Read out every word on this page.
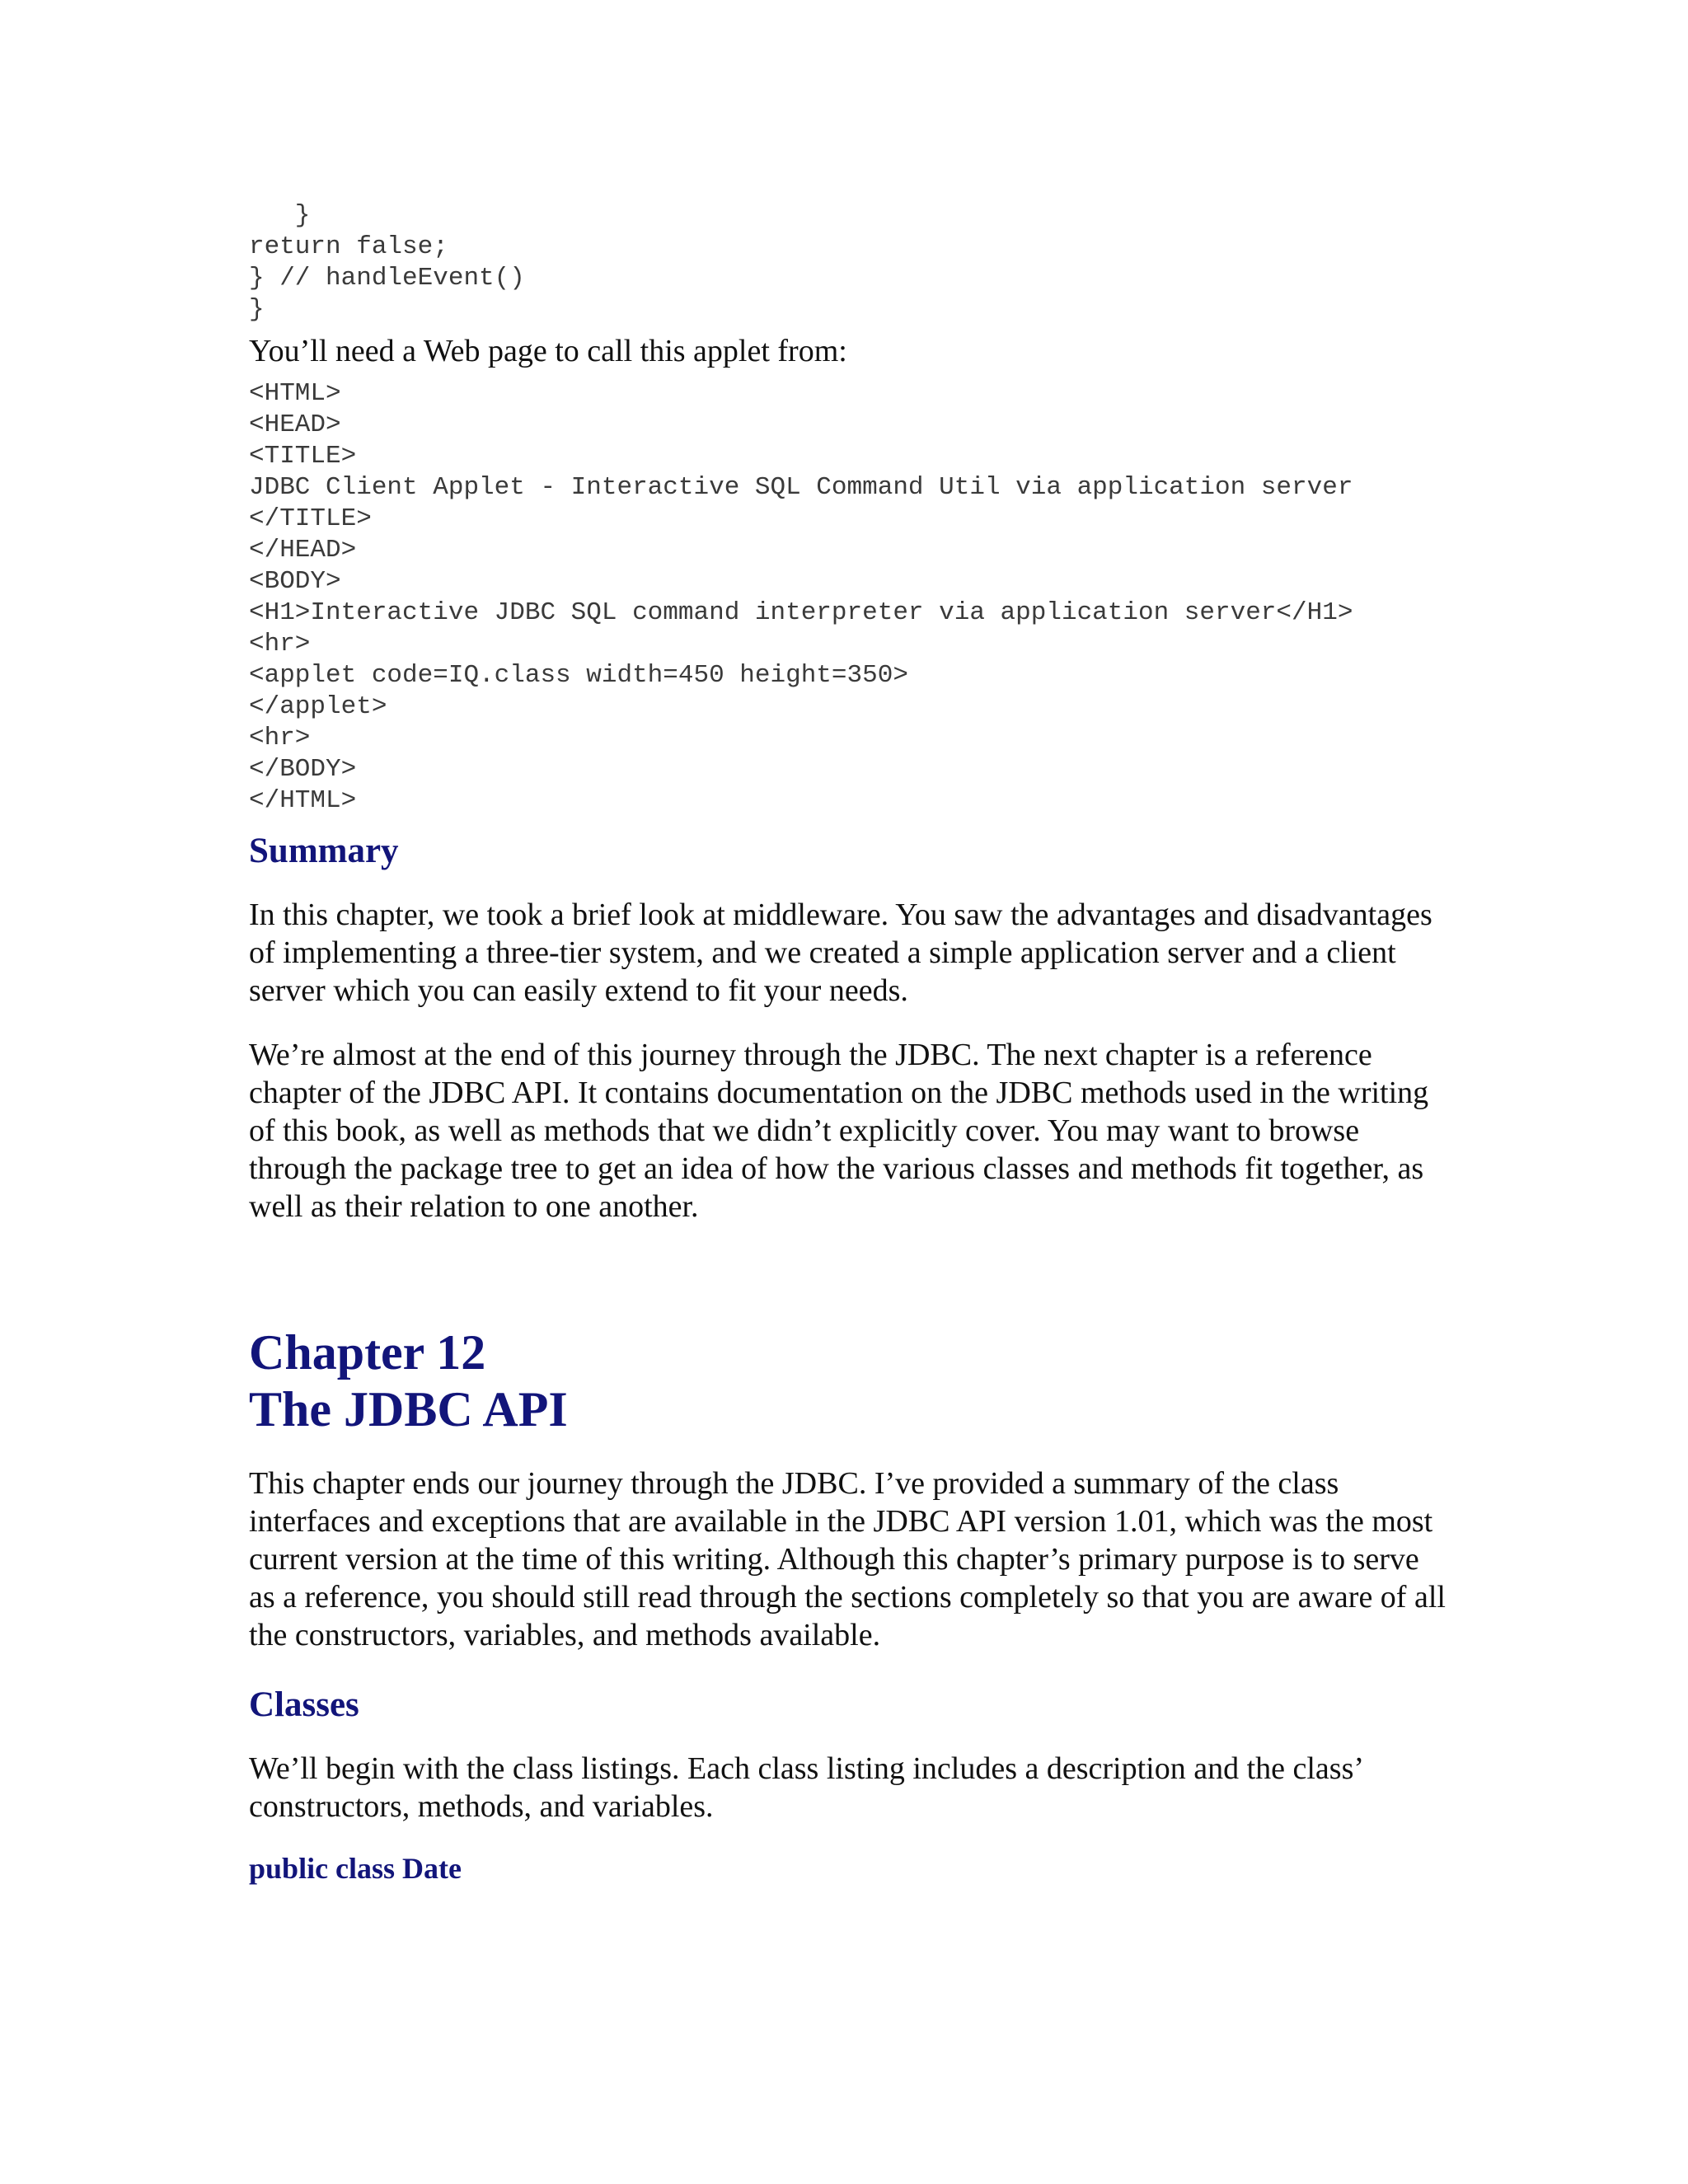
}
return false;
} // handleEvent()
}

You’ll need a Web page to call this applet from:

<HTML>
<HEAD>
<TITLE>
JDBC Client Applet - Interactive SQL Command Util via application server
</TITLE>
</HEAD>
<BODY>
<H1>Interactive JDBC SQL command interpreter via application server</H1>
<hr>
<applet code=IQ.class width=450 height=350>
</applet>
<hr>
</BODY>
</HTML>
Summary

In this chapter, we took a brief look at middleware. You saw the advantages and disadvantages of implementing a three-tier system, and we created a simple application server and a client server which you can easily extend to fit your needs.

We’re almost at the end of this journey through the JDBC. The next chapter is a reference chapter of the JDBC API. It contains documentation on the JDBC methods used in the writing of this book, as well as methods that we didn’t explicitly cover. You may want to browse through the package tree to get an idea of how the various classes and methods fit together, as well as their relation to one another.

Chapter 12
The JDBC API

This chapter ends our journey through the JDBC. I’ve provided a summary of the class interfaces and exceptions that are available in the JDBC API version 1.01, which was the most current version at the time of this writing. Although this chapter’s primary purpose is to serve as a reference, you should still read through the sections completely so that you are aware of all the constructors, variables, and methods available.

Classes

We’ll begin with the class listings. Each class listing includes a description and the class’ constructors, methods, and variables.

public class Date
